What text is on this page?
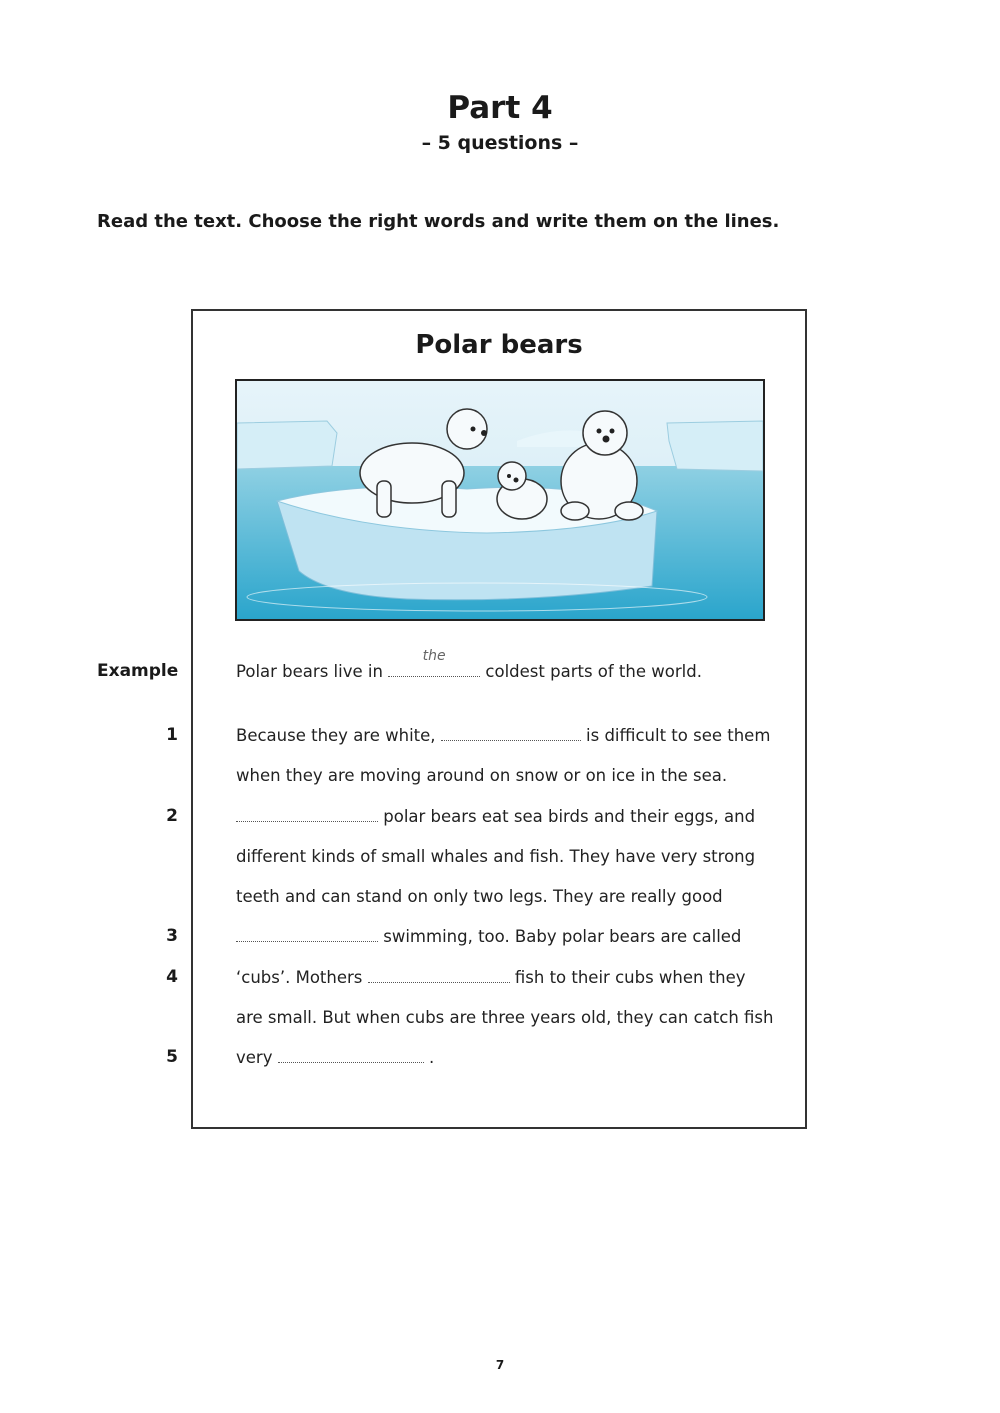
Part 4
– 5 questions –
Read the text. Choose the right words and write them on the lines.
Polar bears
Example	Polar bears live in
the
coldest parts of the world.
1
2
3
4
5
Because they are white,	is difficult to see them
when they are moving around on snow or on ice in the sea.
polar bears eat sea birds and their eggs, and
different kinds of small whales and fish. They have very strong
teeth and can stand on only two legs. They are really good
swimming, too. Baby polar bears are called
‘cubs’. Mothers	fish to their cubs when they
are small. But when cubs are three years old, they can catch fish
very	.
7
